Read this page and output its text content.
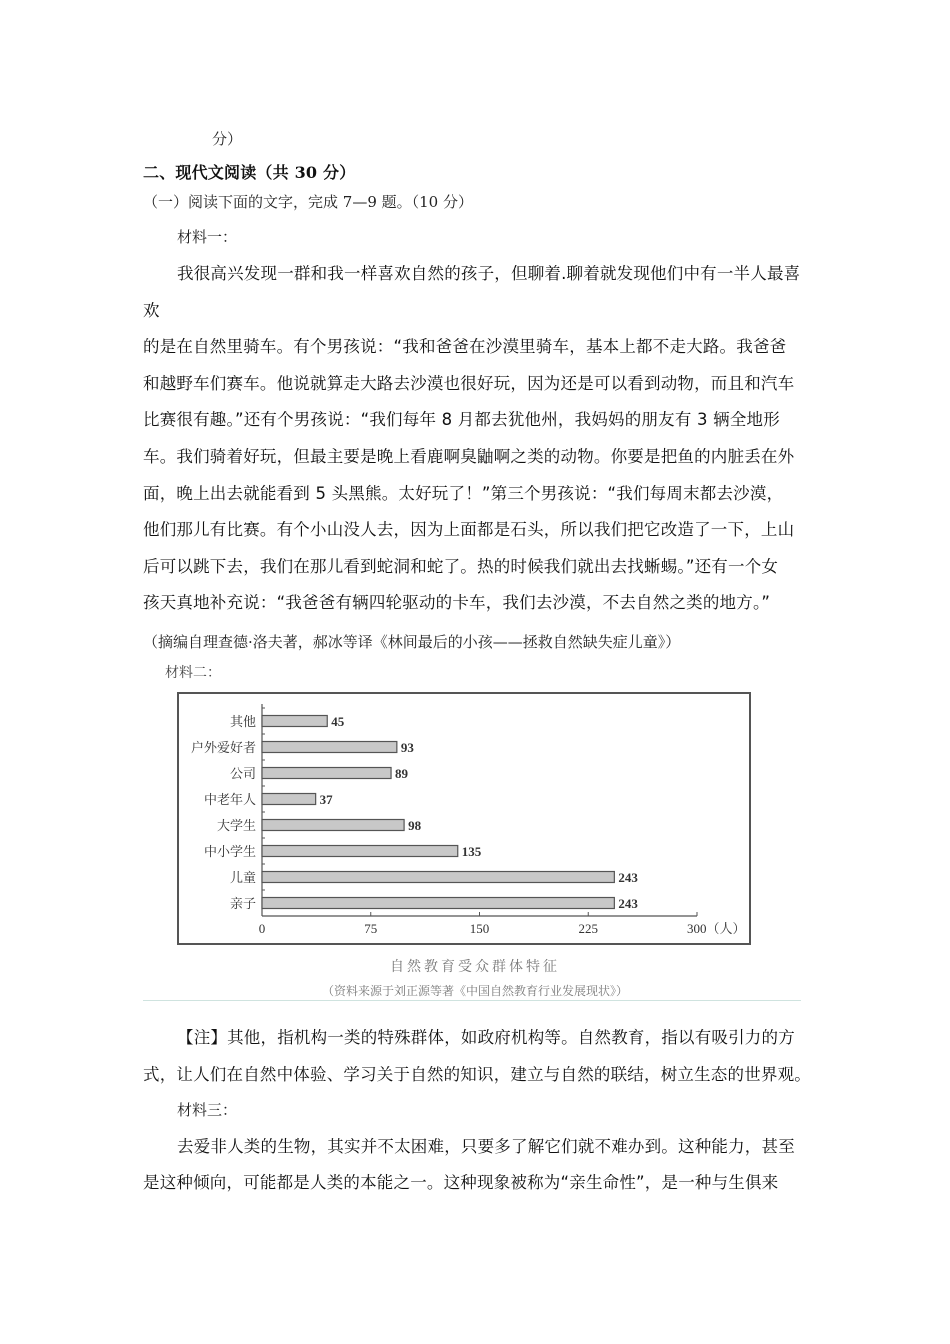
分）
二、现代文阅读（共 30 分）
（一）阅读下面的文字，完成 7—9 题。（10 分）
材料一：
我很高兴发现一群和我一样喜欢自然的孩子，但聊着.聊着就发现他们中有一半人最喜
欢
的是在自然里骑车。有个男孩说：“我和爸爸在沙漠里骑车，基本上都不走大路。我爸爸
和越野车们赛车。他说就算走大路去沙漠也很好玩，因为还是可以看到动物，而且和汽车
比赛很有趣。”还有个男孩说：“我们每年 8 月都去犹他州，我妈妈的朋友有 3 辆全地形
车。我们骑着好玩，但最主要是晚上看鹿啊臭鼬啊之类的动物。你要是把鱼的内脏丢在外
面，晚上出去就能看到 5 头黑熊。太好玩了！”第三个男孩说：“我们每周末都去沙漠，
他们那儿有比赛。有个小山没人去，因为上面都是石头，所以我们把它改造了一下，上山
后可以跳下去，我们在那儿看到蛇洞和蛇了。热的时候我们就出去找蜥蜴。”还有一个女
孩天真地补充说：“我爸爸有辆四轮驱动的卡车，我们去沙漠，不去自然之类的地方。”
（摘编自理查德·洛夫著，郝冰等译《林间最后的小孩——拯救自然缺失症儿童》）
材料二：
其他	45
户外爱好者	93
公司	89
中老年人	37
大学生	98
中小学生	135
儿童	243
亲子	243
0	75	150	225	300（人）
自然教育受众群体特征
（资料来源于刘正源等著《中国自然教育行业发展现状》）
【注】其他，指机构一类的特殊群体，如政府机构等。自然教育，指以有吸引力的方
式，让人们在自然中体验、学习关于自然的知识，建立与自然的联结，树立生态的世界观。
材料三：
去爱非人类的生物，其实并不太困难，只要多了解它们就不难办到。这种能力，甚至
是这种倾向，可能都是人类的本能之一。这种现象被称为“亲生命性”，是一种与生俱来
